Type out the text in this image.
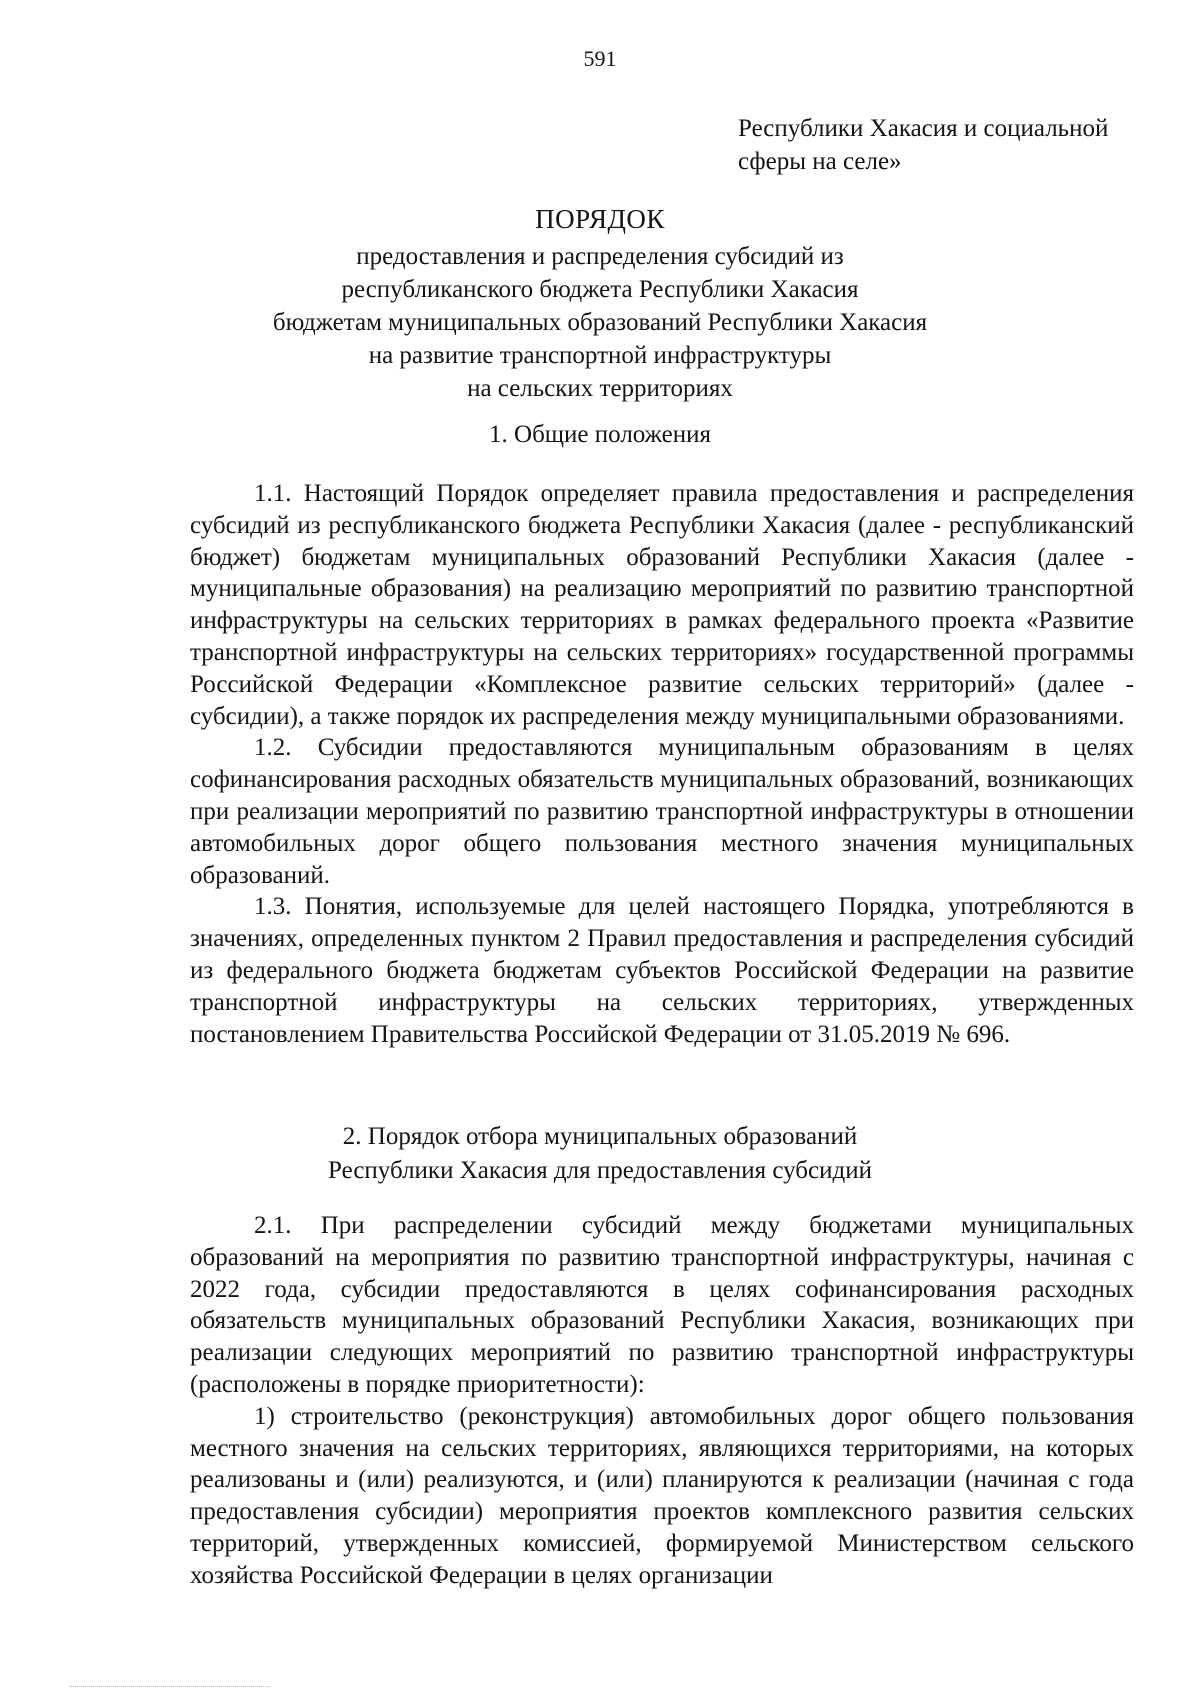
591
Республики Хакасия и социальной
сферы на селе»
ПОРЯДОК
предоставления и распределения субсидий из
республиканского бюджета Республики Хакасия
бюджетам муниципальных образований Республики Хакасия
на развитие транспортной инфраструктуры
на сельских территориях
1. Общие положения

1.1. Настоящий Порядок определяет правила предоставления и распределения субсидий из республиканского бюджета Республики Хакасия (далее - республиканский бюджет) бюджетам муниципальных образований Республики Хакасия (далее - муниципальные образования) на реализацию мероприятий по развитию транспортной инфраструктуры на сельских территориях в рамках федерального проекта «Развитие транспортной инфраструктуры на сельских территориях» государственной программы Российской Федерации «Комплексное развитие сельских территорий» (далее - субсидии), а также порядок их распределения между муниципальными образованиями.

1.2. Субсидии предоставляются муниципальным образованиям в целях софинансирования расходных обязательств муниципальных образований, возникающих при реализации мероприятий по развитию транспортной инфраструктуры в отношении автомобильных дорог общего пользования местного значения муниципальных образований.

1.3. Понятия, используемые для целей настоящего Порядка, употребляются в значениях, определенных пунктом 2 Правил предоставления и распределения субсидий из федерального бюджета бюджетам субъектов Российской Федерации на развитие транспортной инфраструктуры на сельских территориях, утвержденных постановлением Правительства Российской Федерации от 31.05.2019 № 696.

2. Порядок отбора муниципальных образований
Республики Хакасия для предоставления субсидий

2.1. При распределении субсидий между бюджетами муниципальных образований на мероприятия по развитию транспортной инфраструктуры, начиная с 2022 года, субсидии предоставляются в целях софинансирования расходных обязательств муниципальных образований Республики Хакасия, возникающих при реализации следующих мероприятий по развитию транспортной инфраструктуры (расположены в порядке приоритетности):

1) строительство (реконструкция) автомобильных дорог общего пользования местного значения на сельских территориях, являющихся территориями, на которых реализованы и (или) реализуются, и (или) планируются к реализации (начиная с года предоставления субсидии) мероприятия проектов комплексного развития сельских территорий, утвержденных комиссией, формируемой Министерством сельского хозяйства Российской Федерации в целях организации
